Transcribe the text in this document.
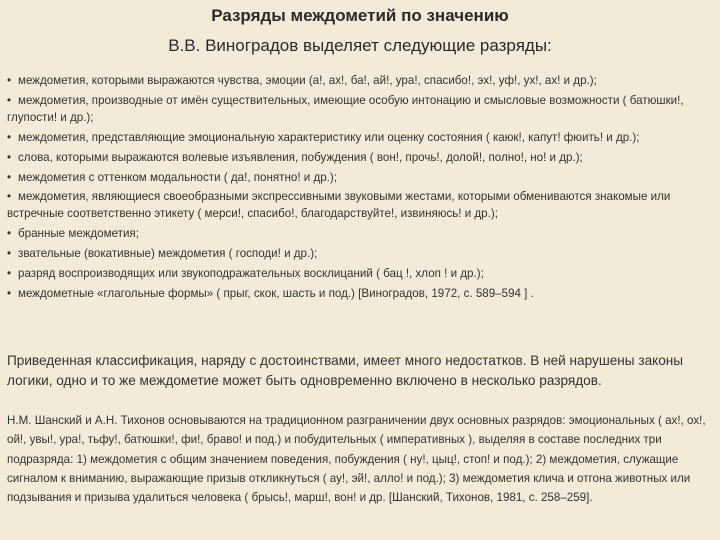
Разряды междометий по значению
В.В. Виноградов выделяет следующие разряды:
• междометия, которыми выражаются чувства, эмоции (а!, ах!, ба!, ай!, ура!, спасибо!, эх!, уф!, ух!, ах! и др.);
• междометия, производные от имён существительных, имеющие особую интонацию и смысловые возможности ( батюшки!, глупости! и др.);
• междометия, представляющие эмоциональную характеристику или оценку состояния ( каюк!, капут! фюить! и др.);
• слова, которыми выражаются волевые изъявления, побуждения ( вон!, прочь!, долой!, полно!, но! и др.);
• междометия с оттенком модальности ( да!, понятно! и др.);
• междометия, являющиеся своеобразными экспрессивными звуковыми жестами, которыми обмениваются знакомые или встречные соответственно этикету ( мерси!, спасибо!, благодарствуйте!, извиняюсь! и др.);
• бранные междометия;
• звательные (вокативные) междометия ( господи! и др.);
• разряд воспроизводящих или звукоподражательных восклицаний ( бац !, хлоп ! и др.);
• междометные «глагольные формы» ( прыг, скок, шасть и под.) [Виноградов, 1972, с. 589–594 ] .

Приведенная классификация, наряду с достоинствами, имеет много недостатков. В ней нарушены законы логики, одно и то же междометие может быть одновременно включено в несколько разрядов.

Н.М. Шанский и А.Н. Тихонов основываются на традиционном разграничении двух основных разрядов: эмоциональных ( ах!, ох!, ой!, увы!, ура!, тьфу!, батюшки!, фи!, браво! и под.) и побудительных ( императивных ), выделяя в составе последних три подразряда: 1) междометия с общим значением поведения, побуждения ( ну!, цыц!, стоп! и под.); 2) междометия, служащие сигналом к вниманию, выражающие призыв откликнуться ( ау!, эй!, алло! и под.); 3) междометия клича и отгона животных или подзывания и призыва удалиться человека ( брысь!, марш!, вон! и др. [Шанский, Тихонов, 1981, с. 258–259].
